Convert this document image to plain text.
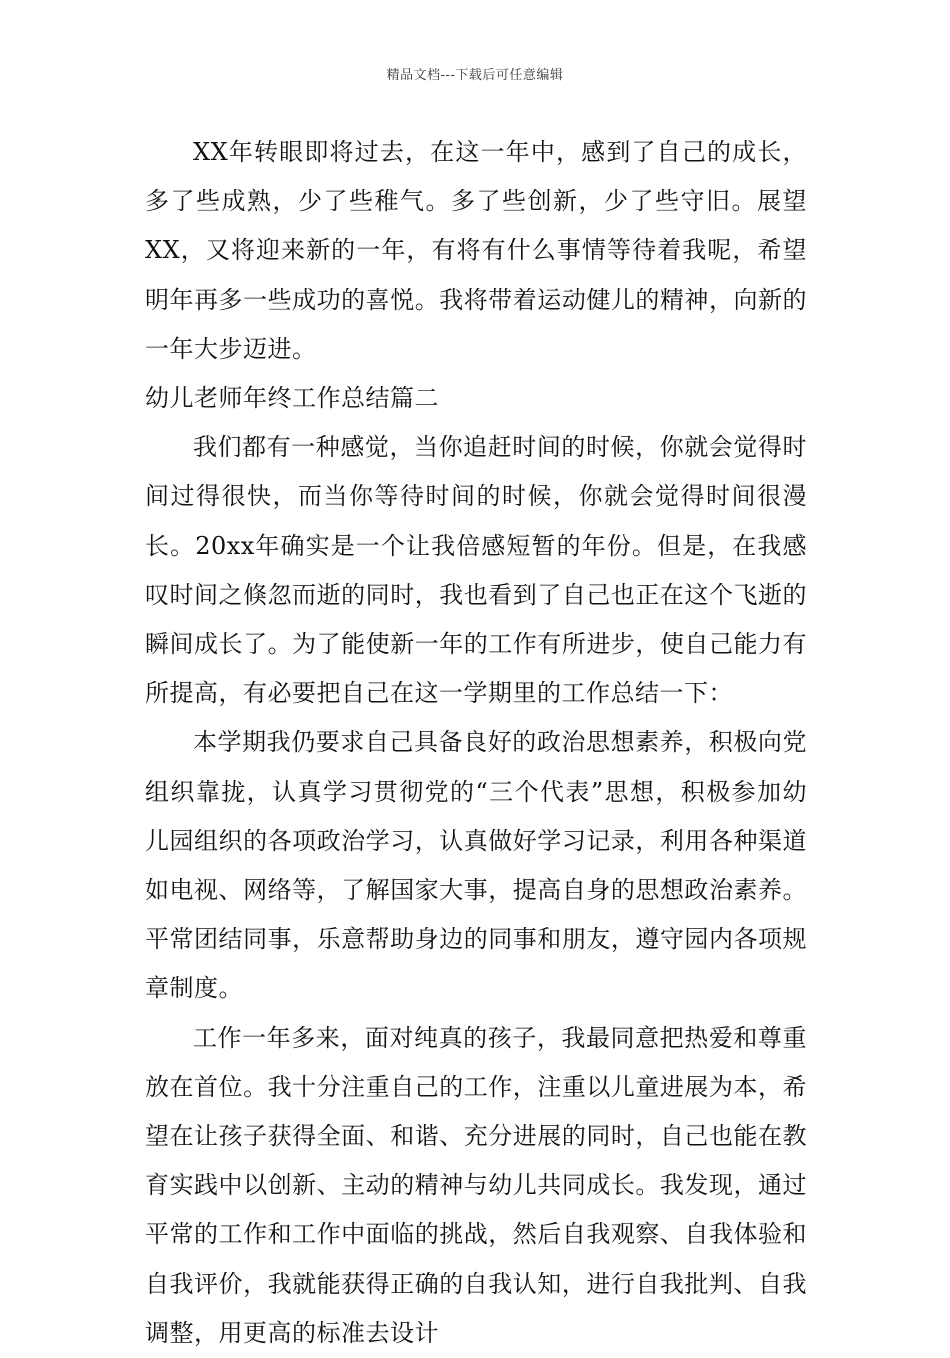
精品文档---下载后可任意编辑

XX年转眼即将过去，在这一年中，感到了自己的成长，多了些成熟，少了些稚气。多了些创新，少了些守旧。展望XX，又将迎来新的一年，有将有什么事情等待着我呢，希望明年再多一些成功的喜悦。我将带着运动健儿的精神，向新的一年大步迈进。

幼儿老师年终工作总结篇二

我们都有一种感觉，当你追赶时间的时候，你就会觉得时间过得很快，而当你等待时间的时候，你就会觉得时间很漫长。20xx年确实是一个让我倍感短暂的年份。但是，在我感叹时间之倏忽而逝的同时，我也看到了自己也正在这个飞逝的瞬间成长了。为了能使新一年的工作有所进步，使自己能力有所提高，有必要把自己在这一学期里的工作总结一下：

本学期我仍要求自己具备良好的政治思想素养，积极向党组织靠拢，认真学习贯彻党的“三个代表”思想，积极参加幼儿园组织的各项政治学习，认真做好学习记录，利用各种渠道如电视、网络等，了解国家大事，提高自身的思想政治素养。平常团结同事，乐意帮助身边的同事和朋友，遵守园内各项规章制度。

工作一年多来，面对纯真的孩子，我最同意把热爱和尊重放在首位。我十分注重自己的工作，注重以儿童进展为本，希望在让孩子获得全面、和谐、充分进展的同时，自己也能在教育实践中以创新、主动的精神与幼儿共同成长。我发现，通过平常的工作和工作中面临的挑战，然后自我观察、自我体验和自我评价，我就能获得正确的自我认知，进行自我批判、自我调整，用更高的标准去设计
